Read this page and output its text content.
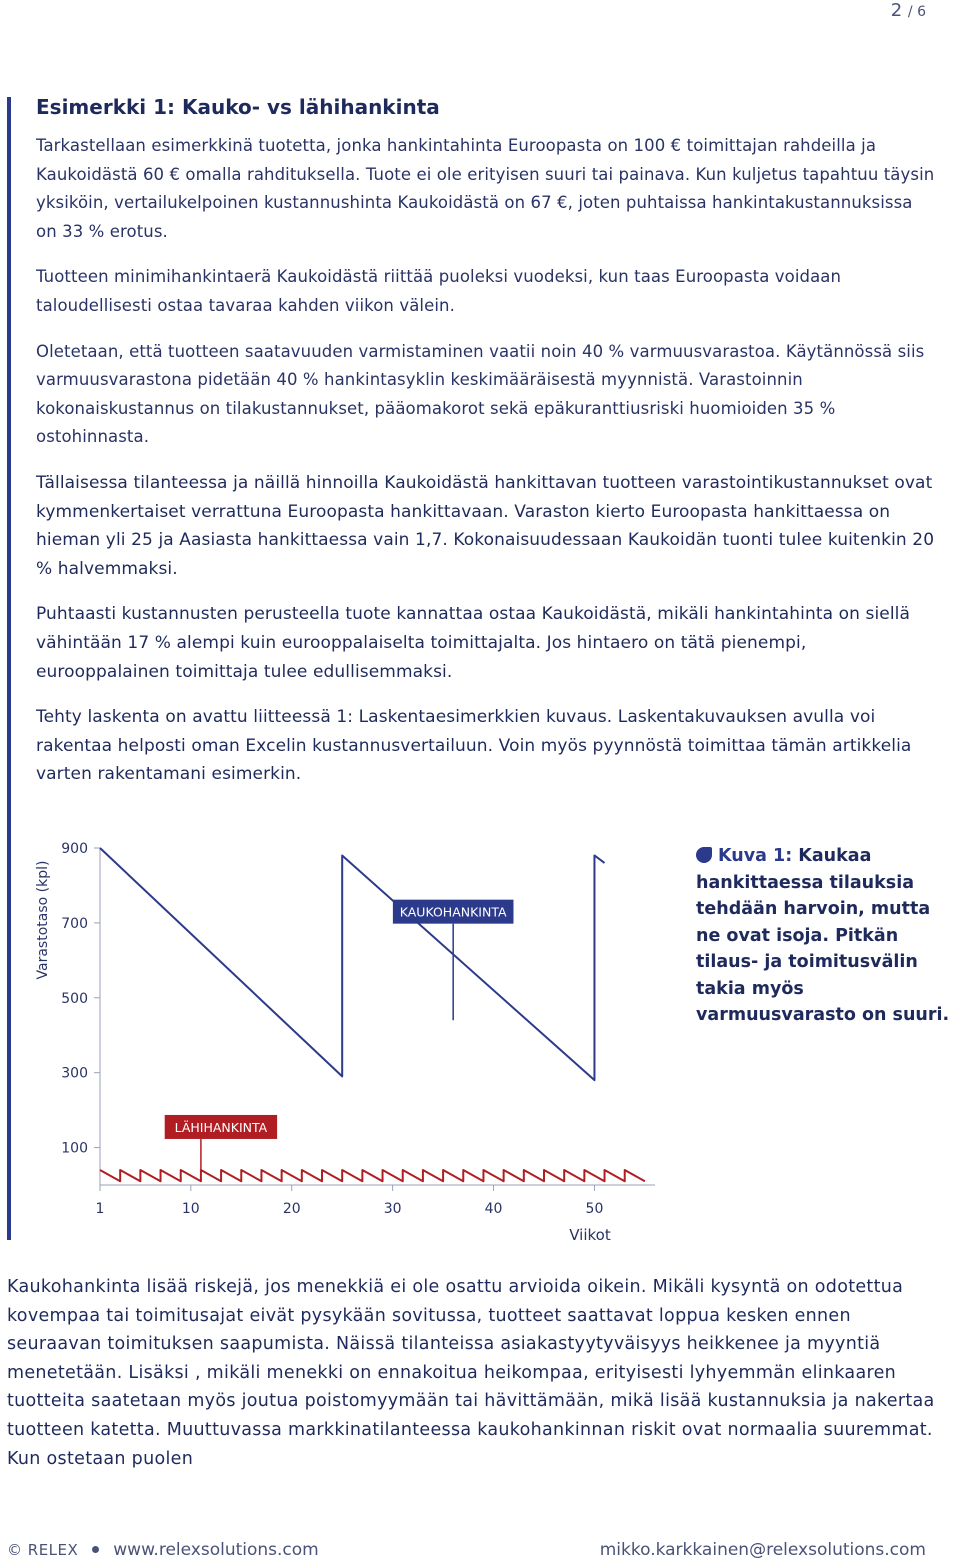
2 / 6
Esimerkki 1: Kauko- vs lähihankinta

Tarkastellaan esimerkkinä tuotetta, jonka hankintahinta Euroopasta on 100 € toimittajan rahdeilla ja Kaukoidästä 60 € omalla rahdituksella. Tuote ei ole erityisen suuri tai painava. Kun kuljetus tapahtuu täysin yksiköin, vertailukelpoinen kustannushinta Kaukoidästä on 67 €, joten puhtaissa hankintakustannuksissa on 33 % erotus.

Tuotteen minimihankintaerä Kaukoidästä riittää puoleksi vuodeksi, kun taas Euroopasta voidaan taloudellisesti ostaa tavaraa kahden viikon välein.

Oletetaan, että tuotteen saatavuuden varmistaminen vaatii noin 40 % varmuusvarastoa. Käytännössä siis varmuusvarastona pidetään 40 % hankintasyklin keskimääräisestä myynnistä. Varastoinnin kokonaiskustannus on tilakustannukset, pääomakorot sekä epäkuranttiusriski huomioiden 35 % ostohinnasta.

Tällaisessa tilanteessa ja näillä hinnoilla Kaukoidästä hankittavan tuotteen varastointikustannukset ovat kymmenkertaiset verrattuna Euroopasta hankittavaan. Varaston kierto Euroopasta hankittaessa on hieman yli 25 ja Aasiasta hankittaessa vain 1,7. Kokonaisuudessaan Kaukoidän tuonti tulee kuitenkin 20 % halvemmaksi.

Puhtaasti kustannusten perusteella tuote kannattaa ostaa Kaukoidästä, mikäli hankintahinta on siellä vähintään 17 % alempi kuin eurooppalaiselta toimittajalta. Jos hintaero on tätä pienempi, eurooppalainen toimittaja tulee edullisemmaksi.

Tehty laskenta on avattu liitteessä 1: Laskentaesimerkkien kuvaus. Laskentakuvauksen avulla voi rakentaa helposti oman Excelin kustannusvertailuun. Voin myös pyynnöstä toimittaa tämän artikkelia varten rakentamani esimerkin.

Varastotaso (kpl)
Viikot
900
700
500
300
100
1	10	20	30	40	50
KAUKOHANKINTA
LÄHIHANKINTA
Kuva 1: Kaukaa hankittaessa tilauksia tehdään harvoin, mutta ne ovat isoja. Pitkän tilaus- ja toimitusvälin takia myös varmuusvarasto on suuri.
Kaukohankinta lisää riskejä, jos menekkiä ei ole osattu arvioida oikein. Mikäli kysyntä on odotettua kovempaa tai toimitusajat eivät pysykään sovitussa, tuotteet saattavat loppua kesken ennen seuraavan toimituksen saapumista. Näissä tilanteissa asiakastyytyväisyys heikkenee ja myyntiä menetetään. Lisäksi , mikäli menekki on ennakoitua heikompaa, erityisesti lyhyemmän elinkaaren tuotteita saatetaan myös joutua poistomyymään tai hävittämään, mikä lisää kustannuksia ja nakertaa tuotteen katetta. Muuttuvassa markkinatilanteessa kaukohankinnan riskit ovat normaalia suuremmat. Kun ostetaan puolen
© RELEX www.relexsolutions.com	mikko.karkkainen@relexsolutions.com
